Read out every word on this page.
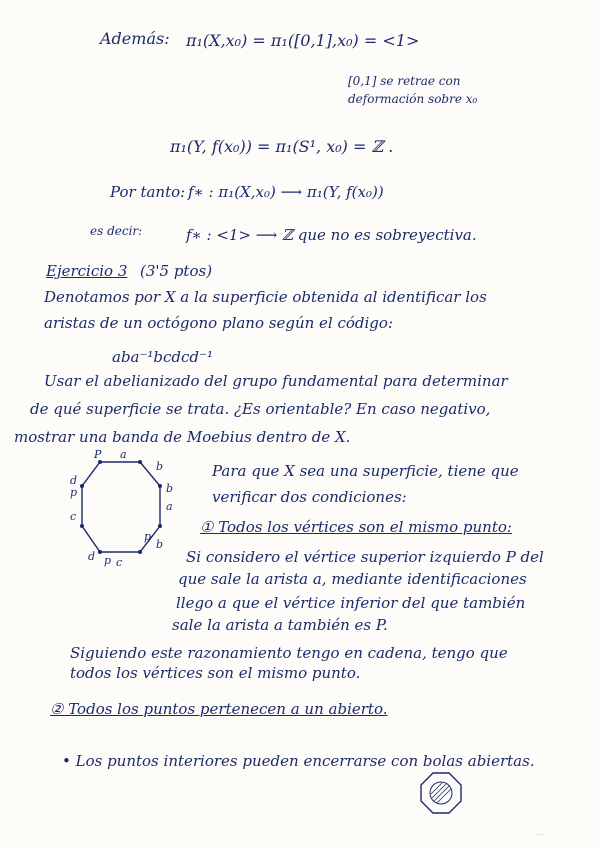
Además: π₁(X,x₀) = π₁([0,1],x₀) = <1>
[0,1] se retrae con
deformación sobre x₀
π₁(Y, f(x₀)) = π₁(S¹, x₀) = ℤ .
Por tanto: f∗ : π₁(X,x₀) ⟶ π₁(Y, f(x₀))
es decir:	f∗ : <1> ⟶ ℤ que no es sobreyectiva.
Ejercicio 3 (3'5 ptos)
Denotamos por X a la superficie obtenida al identificar los
aristas de un octógono plano según el código:
aba⁻¹bcdcd⁻¹
Usar el abelianizado del grupo fundamental para determinar
de qué superficie se trata. ¿Es orientable? En caso negativo,
mostrar una banda de Moebius dentro de X.
P a
b
b
a
b
c
d
c
p
d
p
p
Para que X sea una superficie, tiene que
verificar dos condiciones:
① Todos los vértices son el mismo punto:
Si considero el vértice superior izquierdo P del
que sale la arista a, mediante identificaciones
llego a que el vértice inferior del que también
sale la arista a también es P.
Siguiendo este razonamiento tengo en cadena, tengo que
todos los vértices son el mismo punto.
② Todos los puntos pertenecen a un abierto.
• Los puntos interiores pueden encerrarse con bolas abiertas.
·····
